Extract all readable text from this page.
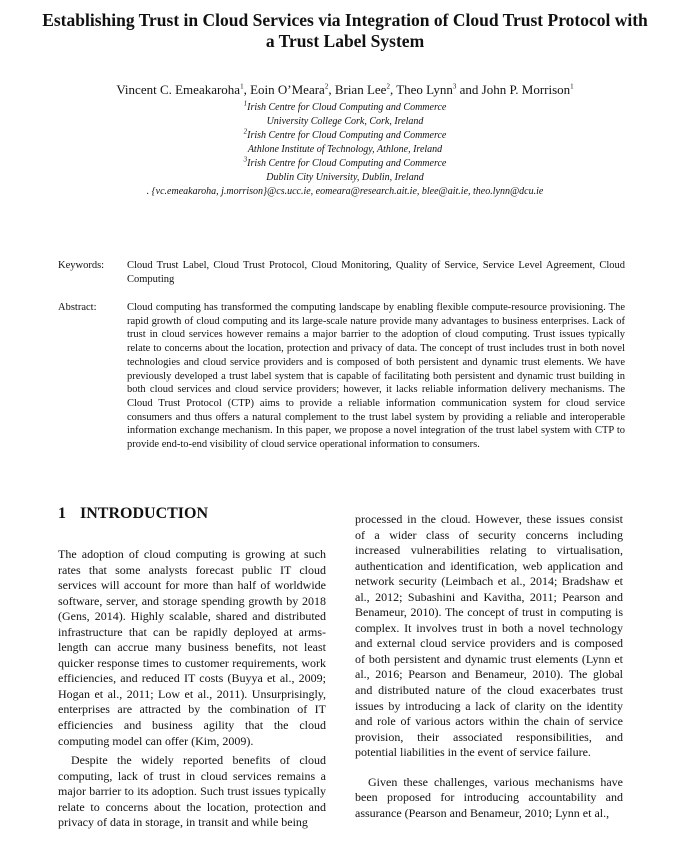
Establishing Trust in Cloud Services via Integration of Cloud Trust Protocol with a Trust Label System
Vincent C. Emeakaroha$^1$, Eoin O’Meara$^2$, Brian Lee$^2$, Theo Lynn$^3$ and John P. Morrison$^1$
$^1$Irish Centre for Cloud Computing and Commerce
University College Cork, Cork, Ireland
$^2$Irish Centre for Cloud Computing and Commerce
Athlone Institute of Technology, Athlone, Ireland
$^3$Irish Centre for Cloud Computing and Commerce
Dublin City University, Dublin, Ireland
. {vc.emeakaroha, j.morrison}@cs.ucc.ie, eomeara@research.ait.ie, blee@ait.ie, theo.lynn@dcu.ie
Keywords: Cloud Trust Label, Cloud Trust Protocol, Cloud Monitoring, Quality of Service, Service Level Agreement, Cloud Computing
Abstract:	Cloud computing has transformed the computing landscape by enabling flexible compute-resource provisioning. The rapid growth of cloud computing and its large-scale nature provide many advantages to business enterprises. Lack of trust in cloud services however remains a major barrier to the adoption of cloud computing. Trust issues typically relate to concerns about the location, protection and privacy of data. The concept of trust includes trust in both novel technologies and cloud service providers and is composed of both persistent and dynamic trust elements. We have previously developed a trust label system that is capable of facilitating both persistent and dynamic trust building in both cloud services and cloud service providers; however, it lacks reliable information delivery mechanisms. The Cloud Trust Protocol (CTP) aims to provide a reliable information communication system for cloud service consumers and thus offers a natural complement to the trust label system by providing a reliable and interoperable information exchange mechanism. In this paper, we propose a novel integration of the trust label system with CTP to provide end-to-end visibility of cloud service operational information to consumers.
1 INTRODUCTION

The adoption of cloud computing is growing at such rates that some analysts forecast public IT cloud services will account for more than half of worldwide software, server, and storage spending growth by 2018 (Gens, 2014). Highly scalable, shared and distributed infrastructure that can be rapidly deployed at arms-length can accrue many business benefits, not least quicker response times to customer requirements, work efficiencies, and reduced IT costs (Buyya et al., 2009; Hogan et al., 2011; Low et al., 2011). Unsurprisingly, enterprises are attracted by the combination of IT efficiencies and business agility that the cloud computing model can offer (Kim, 2009).

Despite the widely reported benefits of cloud computing, lack of trust in cloud services remains a major barrier to its adoption. Such trust issues typically relate to concerns about the location, protection and privacy of data in storage, in transit and while being

processed in the cloud. However, these issues consist of a wider class of security concerns including increased vulnerabilities relating to virtualisation, authentication and identification, web application and network security (Leimbach et al., 2014; Bradshaw et al., 2012; Subashini and Kavitha, 2011; Pearson and Benameur, 2010). The concept of trust in computing is complex. It involves trust in both a novel technology and external cloud service providers and is composed of both persistent and dynamic trust elements (Lynn et al., 2016; Pearson and Benameur, 2010). The global and distributed nature of the cloud exacerbates trust issues by introducing a lack of clarity on the identity and role of various actors within the chain of service provision, their associated responsibilities, and potential liabilities in the event of service failure.

Given these challenges, various mechanisms have been proposed for introducing accountability and assurance (Pearson and Benameur, 2010; Lynn et al.,
